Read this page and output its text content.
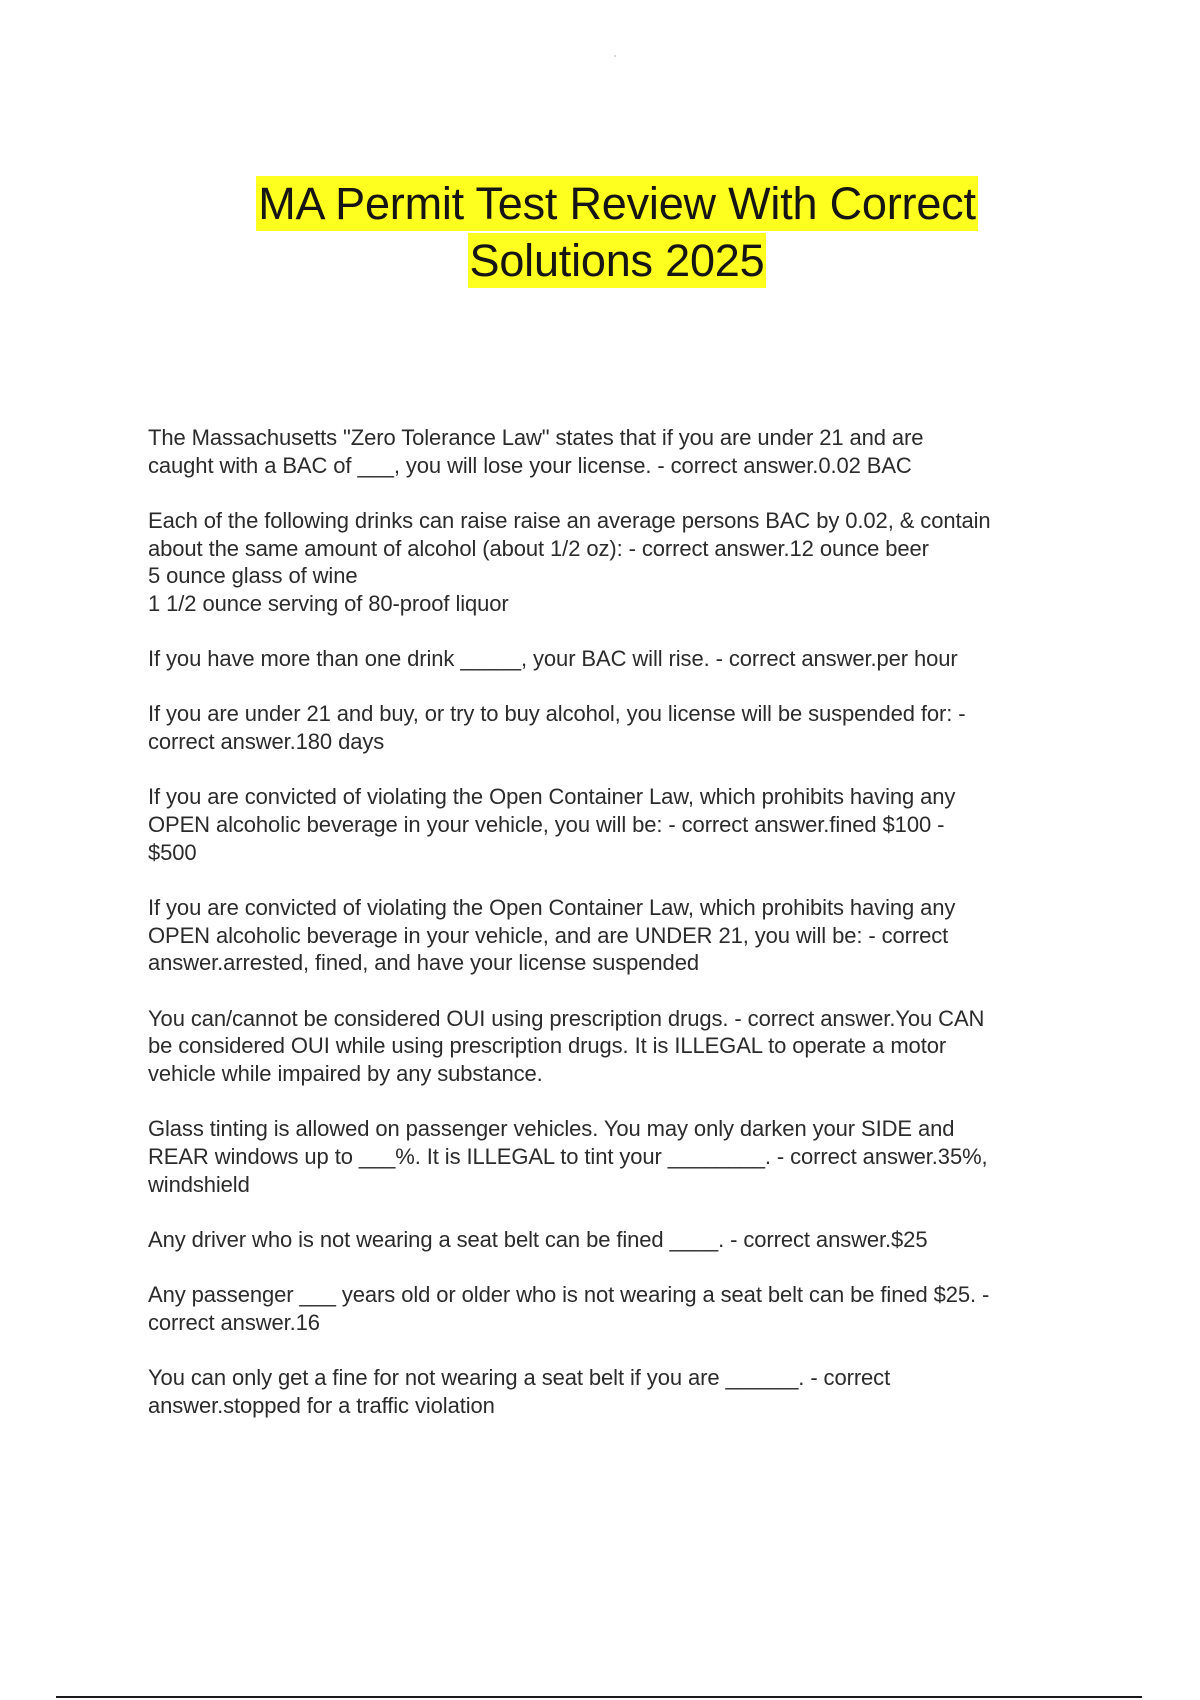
MA Permit Test Review With Correct
Solutions 2025
The Massachusetts "Zero Tolerance Law" states that if you are under 21 and are
caught with a BAC of ___, you will lose your license. - correct answer.0.02 BAC
Each of the following drinks can raise raise an average persons BAC by 0.02, & contain
about the same amount of alcohol (about 1/2 oz): - correct answer.12 ounce beer
5 ounce glass of wine
1 1/2 ounce serving of 80-proof liquor
If you have more than one drink _____, your BAC will rise. - correct answer.per hour
If you are under 21 and buy, or try to buy alcohol, you license will be suspended for: -
correct answer.180 days
If you are convicted of violating the Open Container Law, which prohibits having any
OPEN alcoholic beverage in your vehicle, you will be: - correct answer.fined $100 -
$500
If you are convicted of violating the Open Container Law, which prohibits having any
OPEN alcoholic beverage in your vehicle, and are UNDER 21, you will be: - correct
answer.arrested, fined, and have your license suspended
You can/cannot be considered OUI using prescription drugs. - correct answer.You CAN
be considered OUI while using prescription drugs. It is ILLEGAL to operate a motor
vehicle while impaired by any substance.
Glass tinting is allowed on passenger vehicles. You may only darken your SIDE and
REAR windows up to ___%. It is ILLEGAL to tint your ________. - correct answer.35%,
windshield
Any driver who is not wearing a seat belt can be fined ____. - correct answer.$25
Any passenger ___ years old or older who is not wearing a seat belt can be fined $25. -
correct answer.16
You can only get a fine for not wearing a seat belt if you are ______. - correct
answer.stopped for a traffic violation
